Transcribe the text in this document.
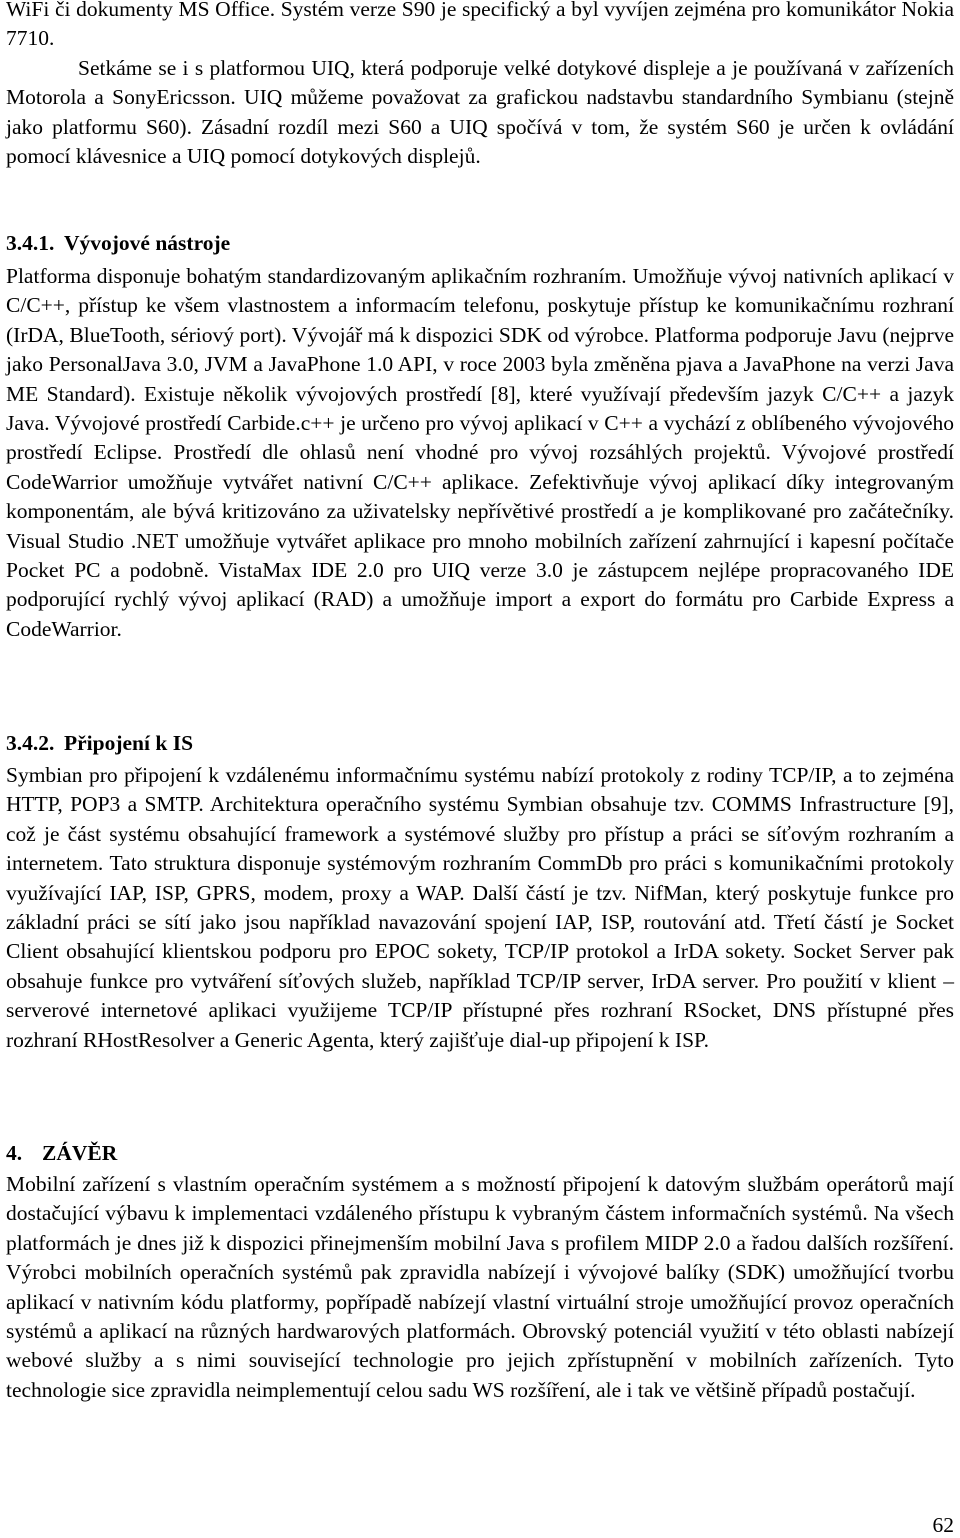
WiFi či dokumenty MS Office. Systém verze S90 je specifický a byl vyvíjen zejména pro komunikátor Nokia 7710.

Setkáme se i s platformou UIQ, která podporuje velké dotykové displeje a je používaná v zařízeních Motorola a SonyEricsson. UIQ můžeme považovat za grafickou nadstavbu standardního Symbianu (stejně jako platformu S60). Zásadní rozdíl mezi S60 a UIQ spočívá v tom, že systém S60 je určen k ovládání pomocí klávesnice a UIQ pomocí dotykových displejů.

3.4.1. Vývojové nástroje

Platforma disponuje bohatým standardizovaným aplikačním rozhraním. Umožňuje vývoj nativních aplikací v C/C++, přístup ke všem vlastnostem a informacím telefonu, poskytuje přístup ke komunikačnímu rozhraní (IrDA, BlueTooth, sériový port). Vývojář má k dispozici SDK od výrobce. Platforma podporuje Javu (nejprve jako PersonalJava 3.0, JVM a JavaPhone 1.0 API, v roce 2003 byla změněna pjava a JavaPhone na verzi Java ME Standard). Existuje několik vývojových prostředí [8], které využívají především jazyk C/C++ a jazyk Java. Vývojové prostředí Carbide.c++ je určeno pro vývoj aplikací v C++ a vychází z oblíbeného vývojového prostředí Eclipse. Prostředí dle ohlasů není vhodné pro vývoj rozsáhlých projektů. Vývojové prostředí CodeWarrior umožňuje vytvářet nativní C/C++ aplikace. Zefektivňuje vývoj aplikací díky integrovaným komponentám, ale bývá kritizováno za uživatelsky nepřívětivé prostředí a je komplikované pro začátečníky. Visual Studio .NET umožňuje vytvářet aplikace pro mnoho mobilních zařízení zahrnující i kapesní počítače Pocket PC a podobně. VistaMax IDE 2.0 pro UIQ verze 3.0 je zástupcem nejlépe propracovaného IDE podporující rychlý vývoj aplikací (RAD) a umožňuje import a export do formátu pro Carbide Express a CodeWarrior.

3.4.2. Připojení k IS

Symbian pro připojení k vzdálenému informačnímu systému nabízí protokoly z rodiny TCP/IP, a to zejména HTTP, POP3 a SMTP. Architektura operačního systému Symbian obsahuje tzv. COMMS Infrastructure [9], což je část systému obsahující framework a systémové služby pro přístup a práci se síťovým rozhraním a internetem. Tato struktura disponuje systémovým rozhraním CommDb pro práci s komunikačními protokoly využívající IAP, ISP, GPRS, modem, proxy a WAP. Další částí je tzv. NifMan, který poskytuje funkce pro základní práci se sítí jako jsou například navazování spojení IAP, ISP, routování atd. Třetí částí je Socket Client obsahující klientskou podporu pro EPOC sokety, TCP/IP protokol a IrDA sokety. Socket Server pak obsahuje funkce pro vytváření síťových služeb, například TCP/IP server, IrDA server. Pro použití v klient – serverové internetové aplikaci využijeme TCP/IP přístupné přes rozhraní RSocket, DNS přístupné přes rozhraní RHostResolver a Generic Agenta, který zajišťuje dial-up připojení k ISP.

4. ZÁVĚR

Mobilní zařízení s vlastním operačním systémem a s možností připojení k datovým službám operátorů mají dostačující výbavu k implementaci vzdáleného přístupu k vybraným částem informačních systémů. Na všech platformách je dnes již k dispozici přinejmenším mobilní Java s profilem MIDP 2.0 a řadou dalších rozšíření. Výrobci mobilních operačních systémů pak zpravidla nabízejí i vývojové balíky (SDK) umožňující tvorbu aplikací v nativním kódu platformy, popřípadě nabízejí vlastní virtuální stroje umožňující provoz operačních systémů a aplikací na různých hardwarových platformách. Obrovský potenciál využití v této oblasti nabízejí webové služby a s nimi související technologie pro jejich zpřístupnění v mobilních zařízeních. Tyto technologie sice zpravidla neimplementují celou sadu WS rozšíření, ale i tak ve většině případů postačují.

62
